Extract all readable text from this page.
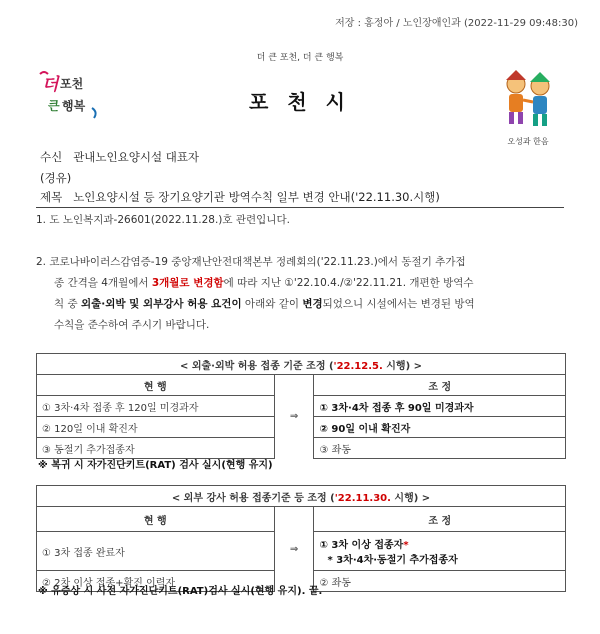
저장 : 홍정아 / 노인장애인과 (2022-11-29 09:48:30)
더 큰 포천, 더 큰 행복
더 포천
큰 행복	포 천 시
오성과 한음
수신 관내노인요양시설 대표자
(경유)
제목 노인요양시설 등 장기요양기관 방역수칙 일부 변경 안내('22.11.30.시행)
1. 도 노인복지과-26601(2022.11.28.)호 관련입니다.
2. 코로나바이러스감염증-19 중앙재난안전대책본부 정례회의('22.11.23.)에서 동절기 추가접
종 간격을 4개월에서 3개월로 변경함에 따라 지난 ①'22.10.4./②'22.11.21. 개편한 방역수
칙 중 외출·외박 및 외부강사 허용 요건이 아래와 같이 변경되었으니 시설에서는 변경된 방역
수칙을 준수하여 주시기 바랍니다.
< 외출·외박 허용 접종 기준 조정 ('22.12.5. 시행) >		
현 행	⇒	조 정
① 3차·4차 접종 후 120일 미경과자		① 3차·4차 접종 후 90일 미경과자
② 120일 이내 확진자		② 90일 이내 확진자
③ 동절기 추가접종자		③ 좌동
※ 복귀 시 자가진단키트(RAT) 검사 실시(현행 유지)
< 외부 강사 허용 접종기준 등 조정 ('22.11.30. 시행) >		
현 행	⇒	조 정
① 3차 접종 완료자		① 3차 이상 접종자*
* 3차·4차·동절기 추가접종자

② 2차 이상 접종+확진 이력자		② 좌동
※ 유증상 시 사전 자가진단키트(RAT)검사 실시(현행 유지). 끝.
